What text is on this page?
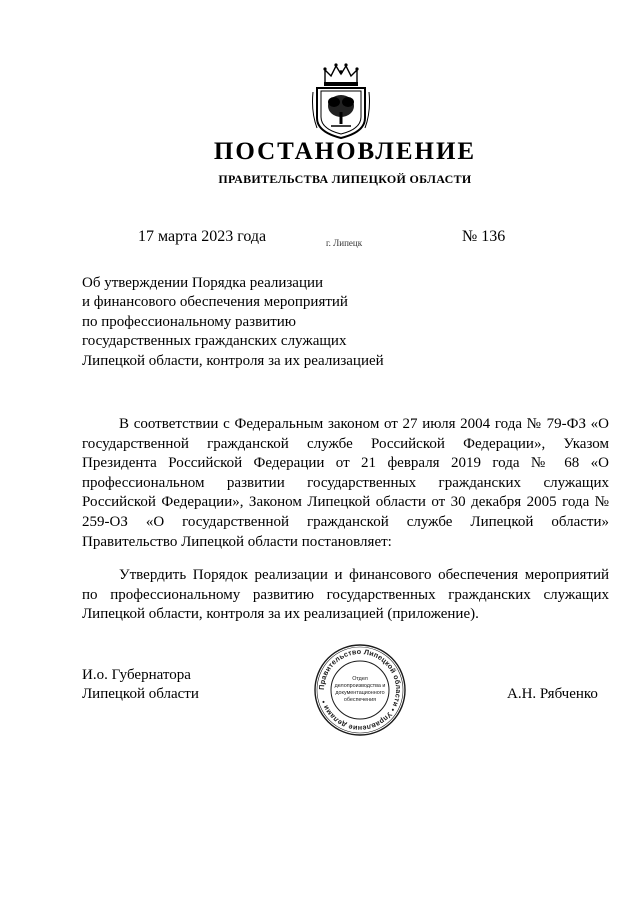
ПОСТАНОВЛЕНИЕ
ПРАВИТЕЛЬСТВА ЛИПЕЦКОЙ ОБЛАСТИ
17 марта 2023 года	г. Липецк	№ 136
Об утверждении Порядка реализации
и финансового обеспечения мероприятий
по профессиональному развитию
государственных гражданских служащих
Липецкой области, контроля за их реализацией
В соответствии с Федеральным законом от 27 июля 2004 года № 79-ФЗ «О государственной гражданской службе Российской Федерации», Указом Президента Российской Федерации от 21 февраля 2019 года № 68 «О профессиональном развитии государственных гражданских служащих Российской Федерации», Законом Липецкой области от 30 декабря 2005 года № 259-ОЗ «О государственной гражданской службе Липецкой области» Правительство Липецкой области постановляет:
Утвердить Порядок реализации и финансового обеспечения мероприятий по профессиональному развитию государственных гражданских служащих Липецкой области, контроля за их реализацией (приложение).
И.о. Губернатора
Липецкой области	Правительство Липецкой области • Управление делами •
Отдел
делопроизводства и
документационного
обеспечения	А.Н. Рябченко
